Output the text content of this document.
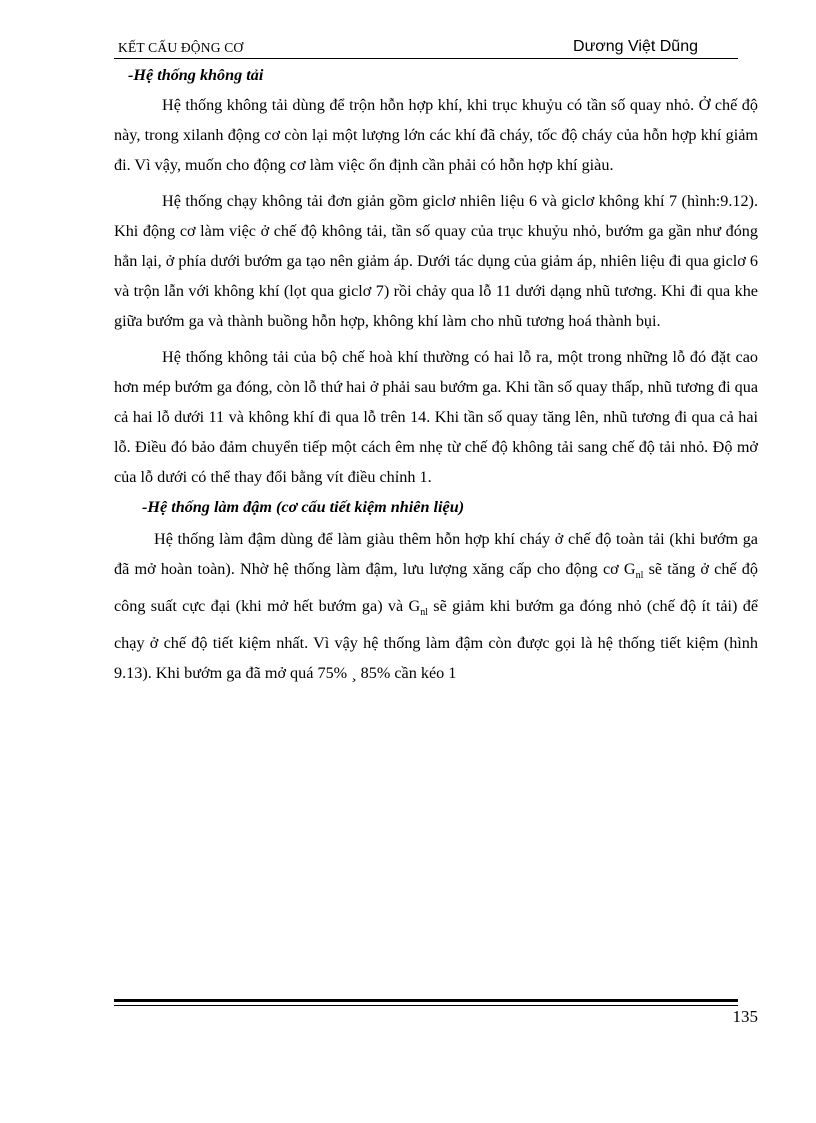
KẾT CẤU ĐỘNG CƠ	Dương Việt Dũng

-Hệ thống không tải

Hệ thống không tải dùng để trộn hỗn hợp khí, khi trục khuỷu có tần số quay nhỏ. Ở chế độ này, trong xilanh động cơ còn lại một lượng lớn các khí đã cháy, tốc độ cháy của hỗn hợp khí giảm đi. Vì vậy, muốn cho động cơ làm việc ổn định cần phải có hỗn hợp khí giàu.

Hệ thống chạy không tải đơn giản gồm giclơ nhiên liệu 6 và giclơ không khí 7 (hình:9.12). Khi động cơ làm việc ở chế độ không tải, tần số quay của trục khuỷu nhỏ, bướm ga gần như đóng hẳn lại, ở phía dưới bướm ga tạo nên giảm áp. Dưới tác dụng của giảm áp, nhiên liệu đi qua giclơ 6 và trộn lẫn với không khí (lọt qua giclơ 7) rồi chảy qua lỗ 11 dưới dạng nhũ tương. Khi đi qua khe giữa bướm ga và thành buồng hỗn hợp, không khí làm cho nhũ tương hoá thành bụi.

Hệ thống không tải của bộ chế hoà khí thường có hai lỗ ra, một trong những lỗ đó đặt cao hơn mép bướm ga đóng, còn lỗ thứ hai ở phải sau bướm ga. Khi tần số quay thấp, nhũ tương đi qua cả hai lỗ dưới 11 và không khí đi qua lỗ trên 14. Khi tần số quay tăng lên, nhũ tương đi qua cả hai lỗ. Điều đó bảo đảm chuyển tiếp một cách êm nhẹ từ chế độ không tải sang chế độ tải nhỏ. Độ mở của lỗ dưới có thể thay đổi bằng vít điều chỉnh 1.

-Hệ thống làm đậm (cơ cấu tiết kiệm nhiên liệu)

Hệ thống làm đậm dùng để làm giàu thêm hỗn hợp khí cháy ở chế độ toàn tải (khi bướm ga đã mở hoàn toàn). Nhờ hệ thống làm đậm, lưu lượng xăng cấp cho động cơ $G_{nl}$ sẽ tăng ở chế độ công suất cực đại (khi mở hết bướm ga) và $G_{nl}$ sẽ giảm khi bướm ga đóng nhỏ (chế độ ít tải) để chạy ở chế độ tiết kiệm nhất. Vì vậy hệ thống làm đậm còn được gọi là hệ thống tiết kiệm (hình 9.13). Khi bướm ga đã mở quá 75% ¸ 85% cần kéo 1

135
